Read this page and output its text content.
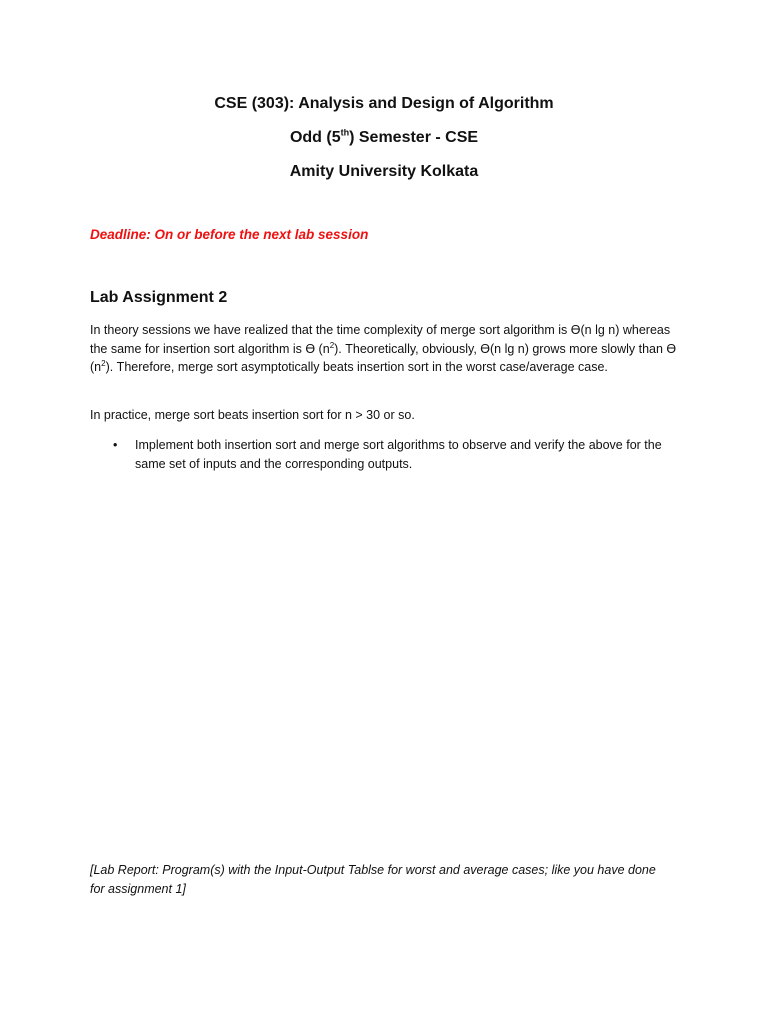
CSE (303): Analysis and Design of Algorithm
Odd (5th) Semester - CSE
Amity University Kolkata
Deadline: On or before the next lab session
Lab Assignment 2
In theory sessions we have realized that the time complexity of merge sort algorithm is ϴ(n lg n) whereas the same for insertion sort algorithm is ϴ $(n^2)$. Theoretically, obviously, ϴ(n lg n) grows more slowly than ϴ $(n^2)$. Therefore, merge sort asymptotically beats insertion sort in the worst case/average case.
In practice, merge sort beats insertion sort for n > 30 or so.
• Implement both insertion sort and merge sort algorithms to observe and verify the above for the same set of inputs and the corresponding outputs.
[Lab Report: Program(s) with the Input-Output Tablse for worst and average cases; like you have done for assignment 1]
